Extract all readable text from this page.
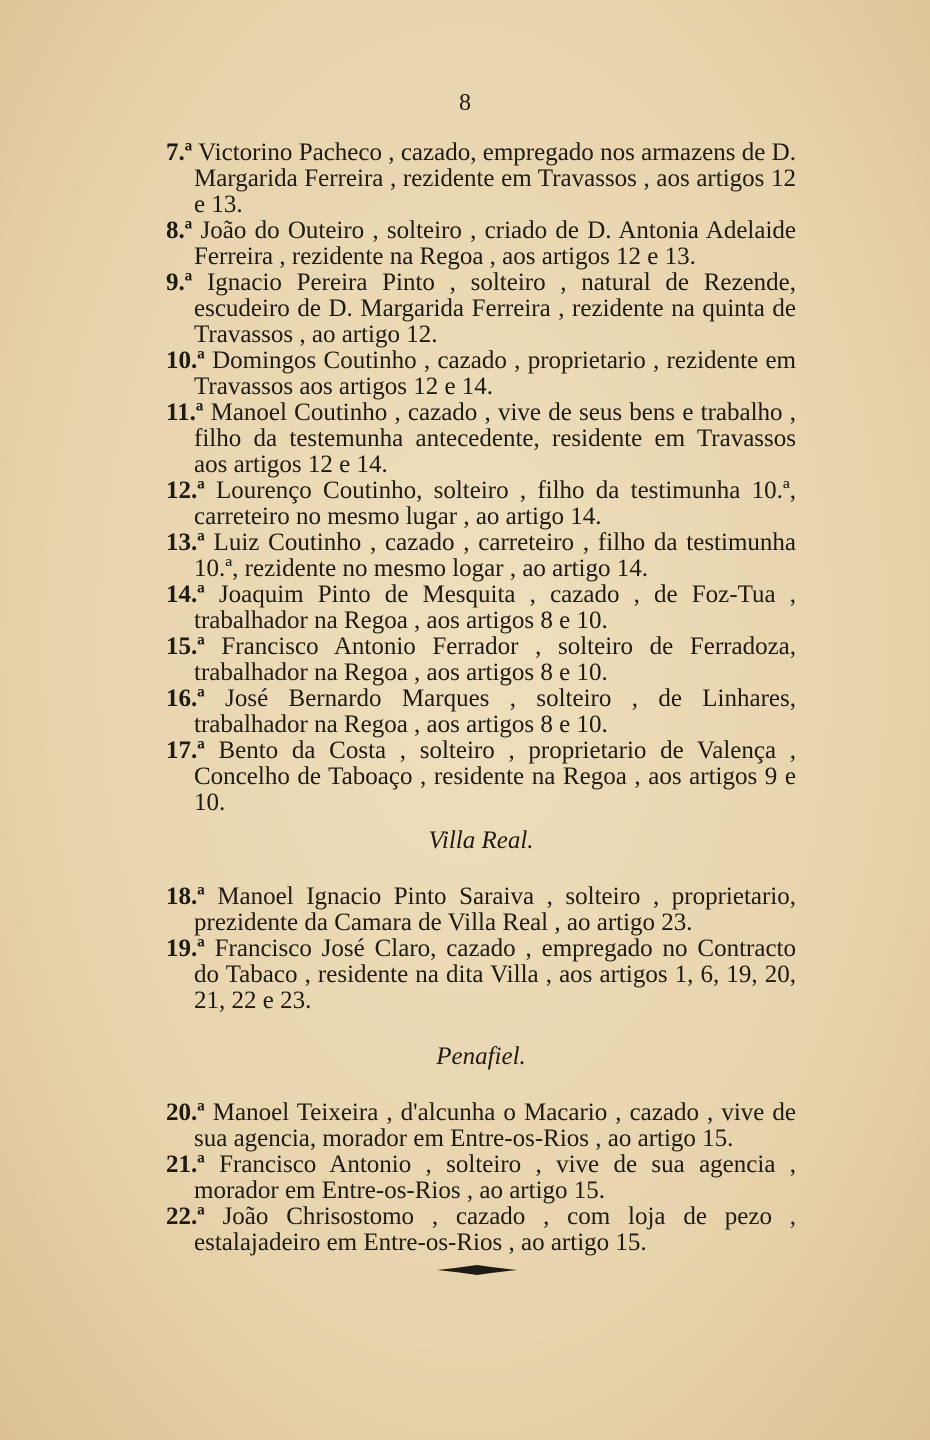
8

7.ª Victorino Pacheco , cazado, empregado nos armazens de D. Margarida Ferreira , rezidente em Travassos , aos artigos 12 e 13.

8.ª João do Outeiro , solteiro , criado de D. Antonia Adelaide Ferreira , rezidente na Regoa , aos artigos 12 e 13.

9.ª Ignacio Pereira Pinto , solteiro , natural de Rezende, escudeiro de D. Margarida Ferreira , rezidente na quinta de Travassos , ao artigo 12.

10.ª Domingos Coutinho , cazado , proprietario , rezidente em Travassos aos artigos 12 e 14.

11.ª Manoel Coutinho , cazado , vive de seus bens e trabalho , filho da testemunha antecedente, residente em Travassos aos artigos 12 e 14.

12.ª Lourenço Coutinho, solteiro , filho da testimunha 10.ª, carreteiro no mesmo lugar , ao artigo 14.

13.ª Luiz Coutinho , cazado , carreteiro , filho da testimunha 10.ª, rezidente no mesmo logar , ao artigo 14.

14.ª Joaquim Pinto de Mesquita , cazado , de Foz-Tua , trabalhador na Regoa , aos artigos 8 e 10.

15.ª Francisco Antonio Ferrador , solteiro de Ferradoza, trabalhador na Regoa , aos artigos 8 e 10.

16.ª José Bernardo Marques , solteiro , de Linhares, trabalhador na Regoa , aos artigos 8 e 10.

17.ª Bento da Costa , solteiro , proprietario de Valença , Concelho de Taboaço , residente na Regoa , aos artigos 9 e 10.

Villa Real.

18.ª Manoel Ignacio Pinto Saraiva , solteiro , proprietario, prezidente da Camara de Villa Real , ao artigo 23.

19.ª Francisco José Claro, cazado , empregado no Contracto do Tabaco , residente na dita Villa , aos artigos 1, 6, 19, 20, 21, 22 e 23.

Penafiel.

20.ª Manoel Teixeira , d'alcunha o Macario , cazado , vive de sua agencia, morador em Entre-os-Rios , ao artigo 15.

21.ª Francisco Antonio , solteiro , vive de sua agencia , morador em Entre-os-Rios , ao artigo 15.

22.ª João Chrisostomo , cazado , com loja de pezo , estalajadeiro em Entre-os-Rios , ao artigo 15.
